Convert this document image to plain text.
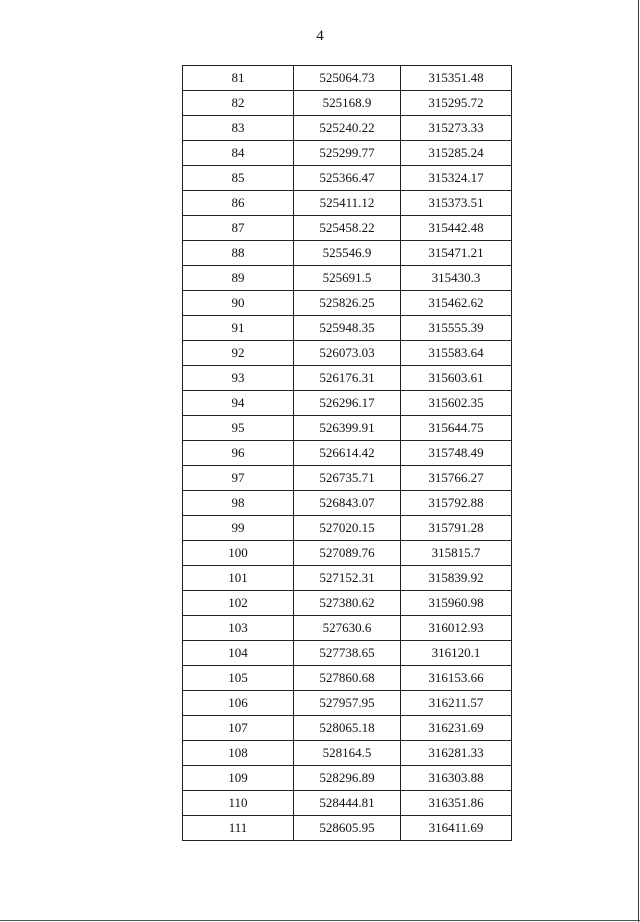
4
81	525064.73	315351.48
82	525168.9	315295.72
83	525240.22	315273.33
84	525299.77	315285.24
85	525366.47	315324.17
86	525411.12	315373.51
87	525458.22	315442.48
88	525546.9	315471.21
89	525691.5	315430.3
90	525826.25	315462.62
91	525948.35	315555.39
92	526073.03	315583.64
93	526176.31	315603.61
94	526296.17	315602.35
95	526399.91	315644.75
96	526614.42	315748.49
97	526735.71	315766.27
98	526843.07	315792.88
99	527020.15	315791.28
100	527089.76	315815.7
101	527152.31	315839.92
102	527380.62	315960.98
103	527630.6	316012.93
104	527738.65	316120.1
105	527860.68	316153.66
106	527957.95	316211.57
107	528065.18	316231.69
108	528164.5	316281.33
109	528296.89	316303.88
110	528444.81	316351.86
111	528605.95	316411.69
